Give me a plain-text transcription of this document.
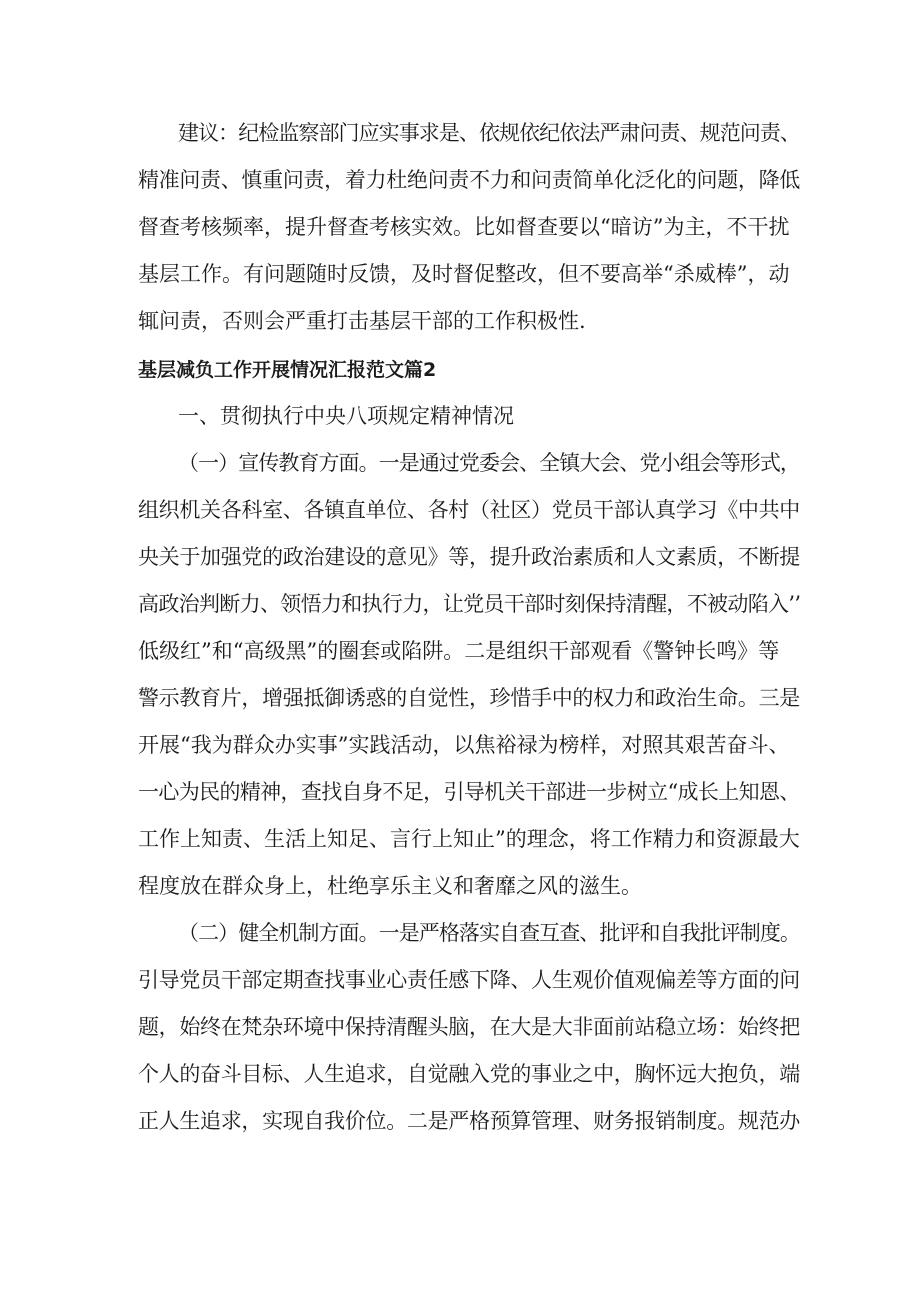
建议：纪检监察部门应实事求是、依规依纪依法严肃问责、规范问责、
精准问责、慎重问责，着力杜绝问责不力和问责简单化泛化的问题，降低
督查考核频率，提升督查考核实效。比如督查要以“暗访”为主，不干扰
基层工作。有问题随时反馈，及时督促整改，但不要高举“杀威棒”，动
辄问责，否则会严重打击基层干部的工作积极性.
基层减负工作开展情况汇报范文篇2
一、贯彻执行中央八项规定精神情况
（一）宣传教育方面。一是通过党委会、全镇大会、党小组会等形式，
组织机关各科室、各镇直单位、各村（社区）党员干部认真学习《中共中
央关于加强党的政治建设的意见》等，提升政治素质和人文素质，不断提
高政治判断力、领悟力和执行力，让党员干部时刻保持清醒，不被动陷入’’
低级红”和“高级黑”的圈套或陷阱。二是组织干部观看《警钟长鸣》等
警示教育片，增强抵御诱惑的自觉性，珍惜手中的权力和政治生命。三是
开展“我为群众办实事”实践活动，以焦裕禄为榜样，对照其艰苦奋斗、
一心为民的精神，查找自身不足，引导机关干部进一步树立“成长上知恩、
工作上知责、生活上知足、言行上知止”的理念，将工作精力和资源最大
程度放在群众身上，杜绝享乐主义和奢靡之风的滋生。
（二）健全机制方面。一是严格落实自查互查、批评和自我批评制度。
引导党员干部定期查找事业心责任感下降、人生观价值观偏差等方面的问
题，始终在梵杂环境中保持清醒头脑，在大是大非面前站稳立场：始终把
个人的奋斗目标、人生追求，自觉融入党的事业之中，胸怀远大抱负，端
正人生追求，实现自我价位。二是严格预算管理、财务报销制度。规范办
